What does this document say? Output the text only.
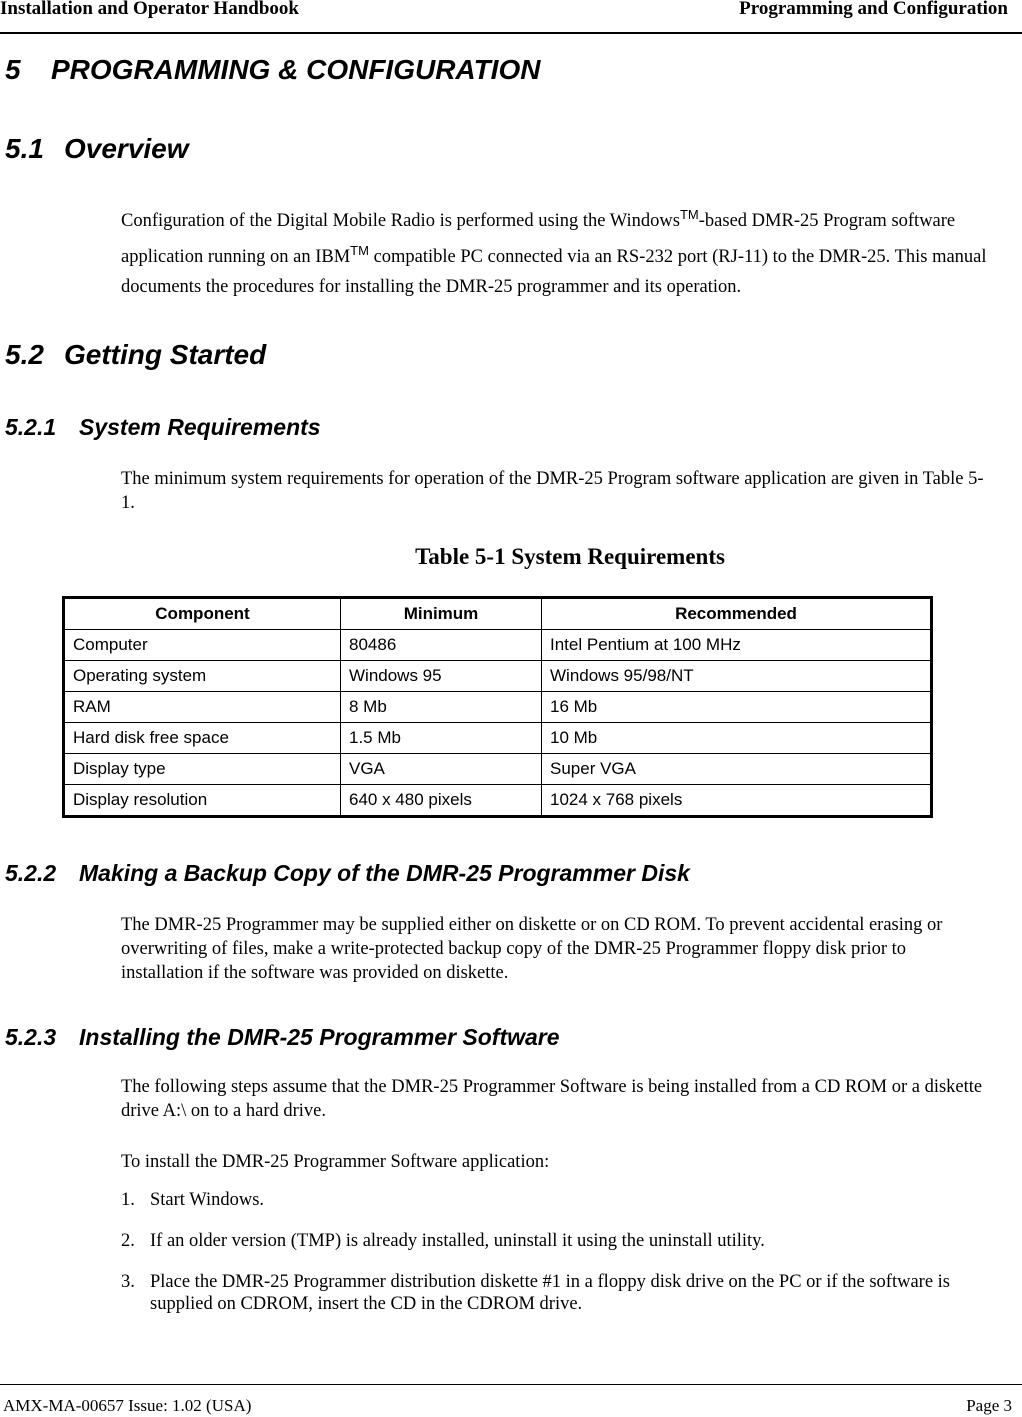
Installation and Operator Handbook	Programming and Configuration
5 PROGRAMMING & CONFIGURATION
5.1 Overview
Configuration of the Digital Mobile Radio is performed using the Windows™-based DMR-25 Program software application running on an IBM™ compatible PC connected via an RS-232 port (RJ-11) to the DMR-25. This manual documents the procedures for installing the DMR-25 programmer and its operation.
5.2 Getting Started
5.2.1 System Requirements
The minimum system requirements for operation of the DMR-25 Program software application are given in Table 5-1.
Table 5-1 System Requirements
Component	Minimum	Recommended
Computer	80486	Intel Pentium at 100 MHz
Operating system	Windows 95	Windows 95/98/NT
RAM	8 Mb	16 Mb
Hard disk free space	1.5 Mb	10 Mb
Display type	VGA	Super VGA
Display resolution	640 x 480 pixels	1024 x 768 pixels
5.2.2 Making a Backup Copy of the DMR-25 Programmer Disk
The DMR-25 Programmer may be supplied either on diskette or on CD ROM. To prevent accidental erasing or overwriting of files, make a write-protected backup copy of the DMR-25 Programmer floppy disk prior to installation if the software was provided on diskette.
5.2.3 Installing the DMR-25 Programmer Software
The following steps assume that the DMR-25 Programmer Software is being installed from a CD ROM or a diskette drive A:\ on to a hard drive.
To install the DMR-25 Programmer Software application:
1. Start Windows.
2. If an older version (TMP) is already installed, uninstall it using the uninstall utility.
3. Place the DMR-25 Programmer distribution diskette #1 in a floppy disk drive on the PC or if the software is supplied on CDROM, insert the CD in the CDROM drive.
AMX-MA-00657 Issue: 1.02 (USA)	Page 3
